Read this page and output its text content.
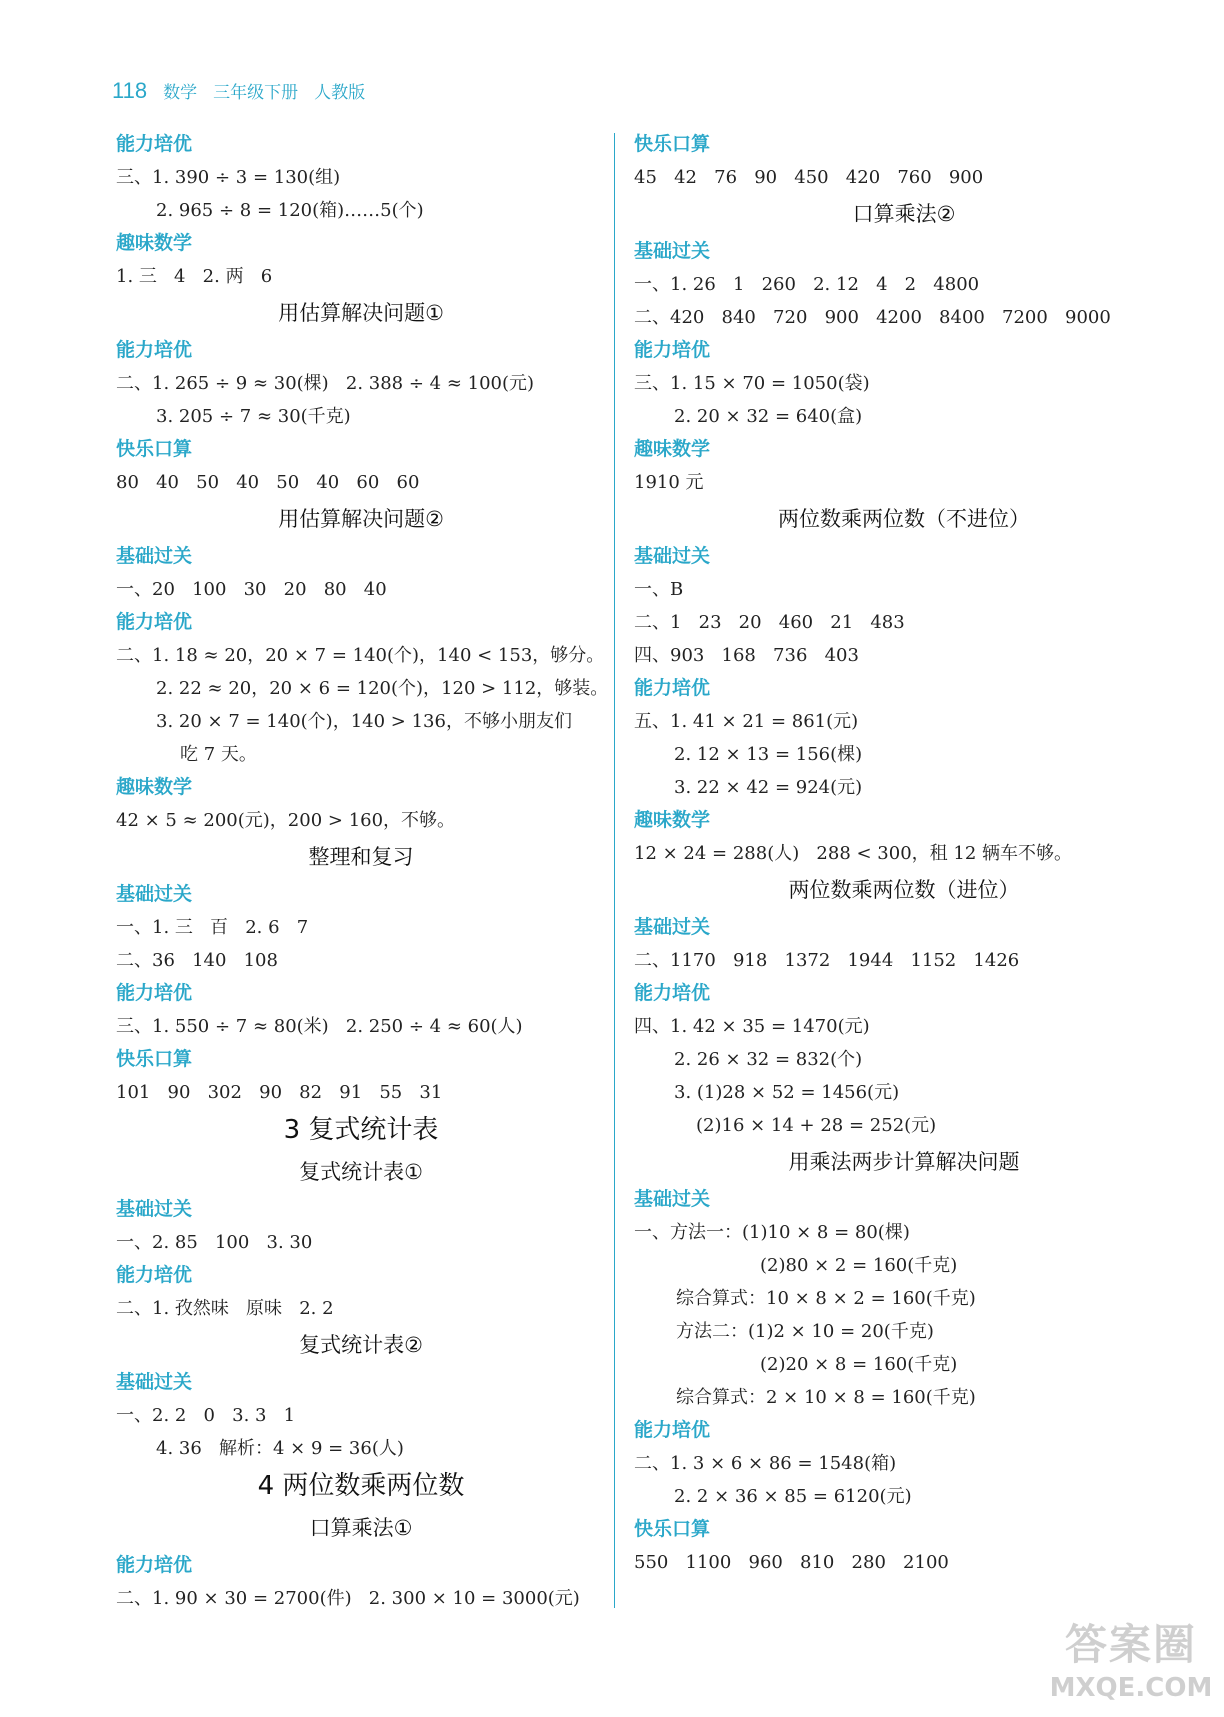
118 数学 三年级下册 人教版
能力培优
三、1. 390 ÷ 3 = 130(组)
2. 965 ÷ 8 = 120(箱)……5(个)
趣味数学
1. 三   4   2. 两   6
用估算解决问题①
能力培优
二、1. 265 ÷ 9 ≈ 30(棵)   2. 388 ÷ 4 ≈ 100(元)
3. 205 ÷ 7 ≈ 30(千克)
快乐口算
80   40   50   40   50   40   60   60
用估算解决问题②
基础过关
一、20   100   30   20   80   40
能力培优
二、1. 18 ≈ 20，20 × 7 = 140(个)，140 < 153，够分。
2. 22 ≈ 20，20 × 6 = 120(个)，120 > 112，够装。
3. 20 × 7 = 140(个)，140 > 136，不够小朋友们
吃 7 天。
趣味数学
42 × 5 ≈ 200(元)，200 > 160，不够。
整理和复习
基础过关
一、1. 三   百   2. 6   7
二、36   140   108
能力培优
三、1. 550 ÷ 7 ≈ 80(米)   2. 250 ÷ 4 ≈ 60(人)
快乐口算
101   90   302   90   82   91   55   31
3 复式统计表
复式统计表①
基础过关
一、2. 85   100   3. 30
能力培优
二、1. 孜然味   原味   2. 2
复式统计表②
基础过关
一、2. 2   0   3. 3   1
4. 36   解析：4 × 9 = 36(人)
4 两位数乘两位数
口算乘法①
能力培优
二、1. 90 × 30 = 2700(件)   2. 300 × 10 = 3000(元)
快乐口算
45   42   76   90   450   420   760   900
口算乘法②
基础过关
一、1. 26   1   260   2. 12   4   2   4800
二、420   840   720   900   4200   8400   7200   9000
能力培优
三、1. 15 × 70 = 1050(袋)
2. 20 × 32 = 640(盒)
趣味数学
1910 元
两位数乘两位数（不进位）
基础过关
一、B
二、1   23   20   460   21   483
四、903   168   736   403
能力培优
五、1. 41 × 21 = 861(元)
2. 12 × 13 = 156(棵)
3. 22 × 42 = 924(元)
趣味数学
12 × 24 = 288(人)   288 < 300，租 12 辆车不够。
两位数乘两位数（进位）
基础过关
二、1170   918   1372   1944   1152   1426
能力培优
四、1. 42 × 35 = 1470(元)
2. 26 × 32 = 832(个)
3. (1)28 × 52 = 1456(元)
(2)16 × 14 + 28 = 252(元)
用乘法两步计算解决问题
基础过关
一、方法一：(1)10 × 8 = 80(棵)
(2)80 × 2 = 160(千克)
综合算式：10 × 8 × 2 = 160(千克)
方法二：(1)2 × 10 = 20(千克)
(2)20 × 8 = 160(千克)
综合算式：2 × 10 × 8 = 160(千克)
能力培优
二、1. 3 × 6 × 86 = 1548(箱)
2. 2 × 36 × 85 = 6120(元)
快乐口算
550   1100   960   810   280   2100
答案圈
MXQE.COM
